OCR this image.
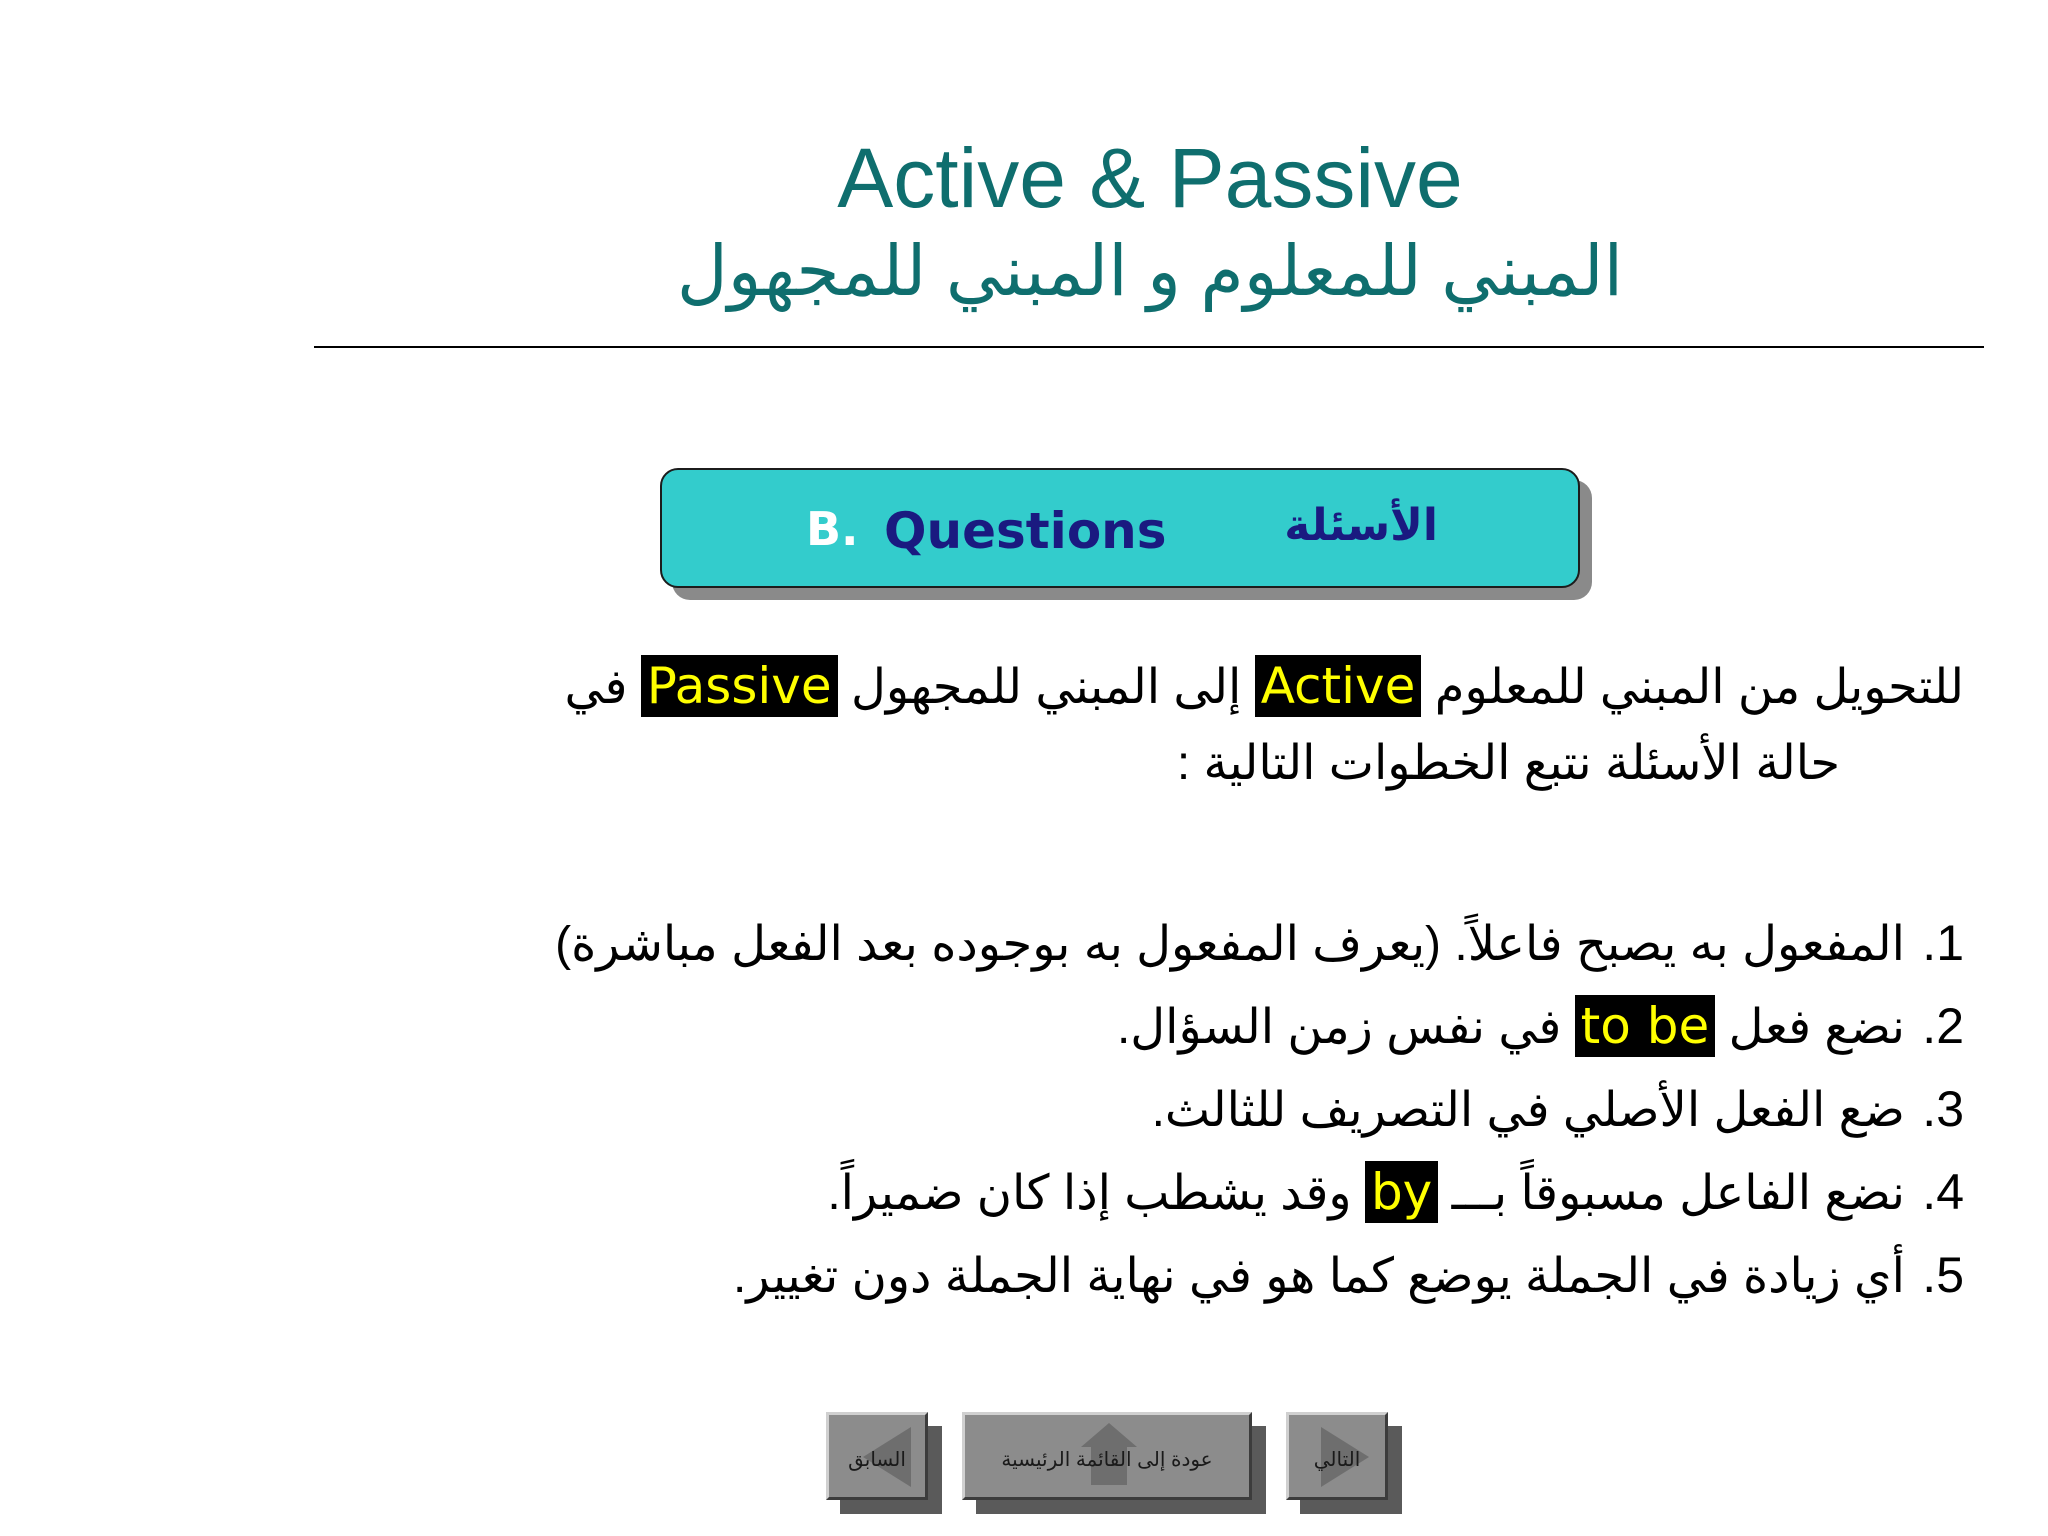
Active & Passive
المبني للمعلوم و المبني للمجهول
B. Questions	الأسئلة
للتحويل من المبني للمعلوم Active إلى المبني للمجهول Passive في
حالة الأسئلة نتبع الخطوات التالية :
1. المفعول به يصبح فاعلاً. (يعرف المفعول به بوجوده بعد الفعل مباشرة)
2. نضع فعل to be في نفس زمن السؤال.
3. ضع الفعل الأصلي في التصريف للثالث.
4. نضع الفاعل مسبوقاً بـــ by وقد يشطب إذا كان ضميراً.
5. أي زيادة في الجملة يوضع كما هو في نهاية الجملة دون تغيير.
السابق	عودة إلى القائمة الرئيسية	التالي
